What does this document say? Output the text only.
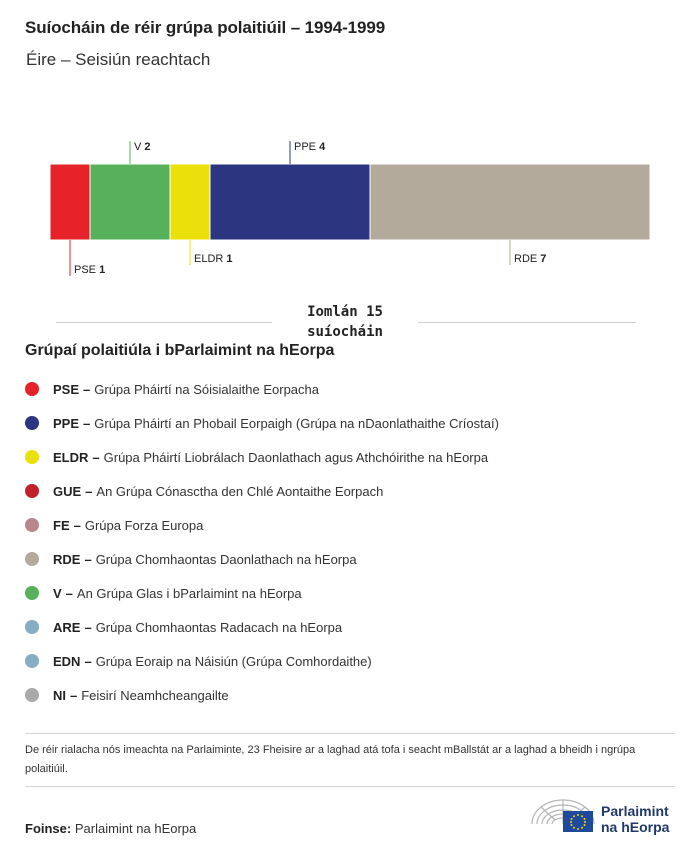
Suíocháin de réir grúpa polaitiúil – 1994-1999
Éire – Seisiún reachtach
PSE 1
V 2
ELDR 1
PPE 4
RDE 7
Iomlán 15 suíocháin
Grúpaí polaitiúla i bParlaimint na hEorpa
PSE – Grúpa Pháirtí na Sóisialaithe Eorpacha
PPE – Grúpa Pháirtí an Phobail Eorpaigh (Grúpa na nDaonlathaithe Críostaí)
ELDR – Grúpa Pháirtí Liobrálach Daonlathach agus Athchóirithe na hEorpa
GUE – An Grúpa Cónasctha den Chlé Aontaithe Eorpach
FE – Grúpa Forza Europa
RDE – Grúpa Chomhaontas Daonlathach na hEorpa
V – An Grúpa Glas i bParlaimint na hEorpa
ARE – Grúpa Chomhaontas Radacach na hEorpa
EDN – Grúpa Eoraip na Náisiún (Grúpa Comhordaithe)
NI – Feisirí Neamhcheangailte
De réir rialacha nós imeachta na Parlaiminte, 23 Fheisire ar a laghad atá tofa i seacht mBallstát ar a laghad a bheidh i ngrúpa polaitiúil.
Foinse: Parlaimint na hEorpa
Parlaimint
na hEorpa
